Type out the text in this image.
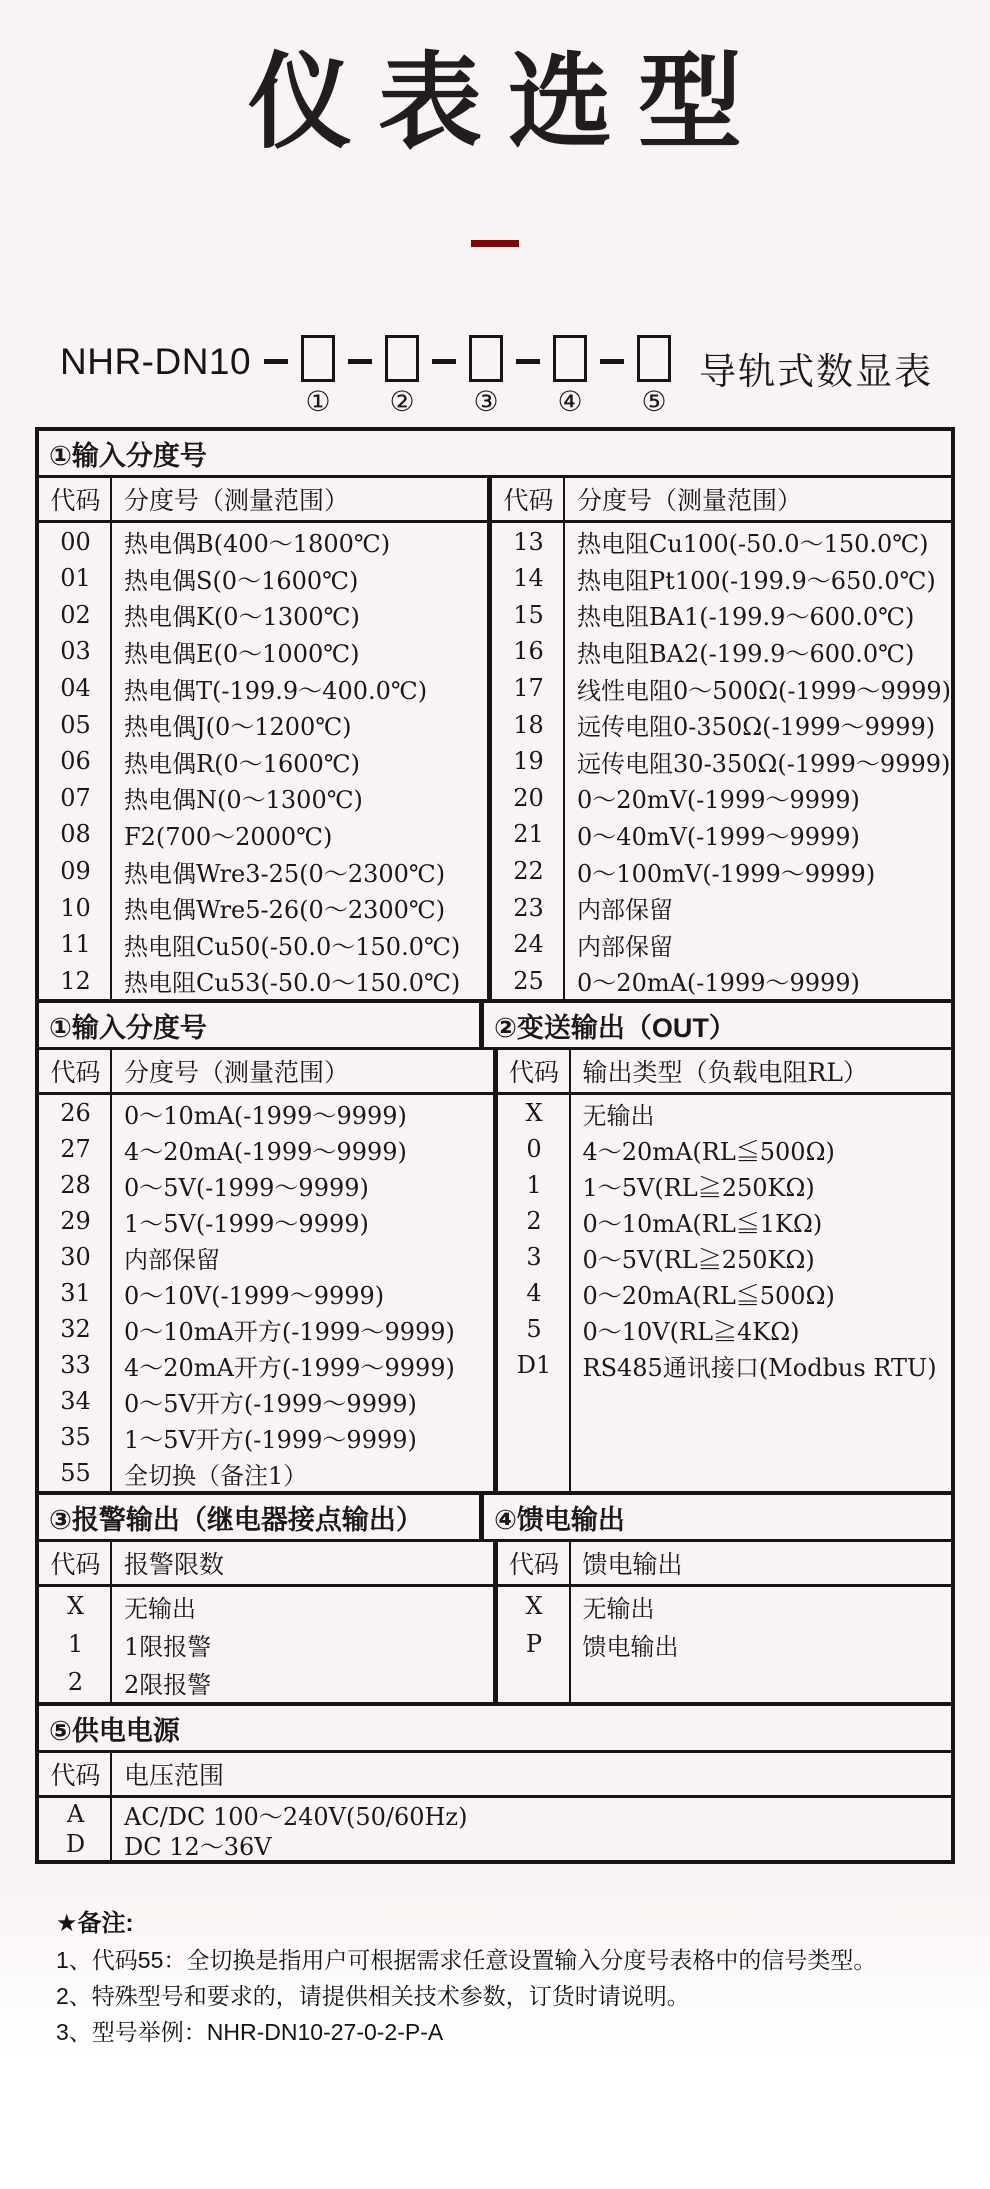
仪表选型
NHR-DN10
① ② ③ ④ ⑤
导轨式数显表
①输入分度号
代码 分度号（测量范围）
00	热电偶B(400～1800℃)
01	热电偶S(0～1600℃)
02	热电偶K(0～1300℃)
03	热电偶E(0～1000℃)
04	热电偶T(-199.9～400.0℃)
05	热电偶J(0～1200℃)
06	热电偶R(0～1600℃)
07	热电偶N(0～1300℃)
08	F2(700～2000℃)
09	热电偶Wre3-25(0～2300℃)
10	热电偶Wre5-26(0～2300℃)
11	热电阻Cu50(-50.0～150.0℃)
12	热电阻Cu53(-50.0～150.0℃)
代码 分度号（测量范围）
13	热电阻Cu100(-50.0～150.0℃)
14	热电阻Pt100(-199.9～650.0℃)
15	热电阻BA1(-199.9～600.0℃)
16	热电阻BA2(-199.9～600.0℃)
17	线性电阻0～500Ω(-1999～9999)
18	远传电阻0-350Ω(-1999～9999)
19	远传电阻30-350Ω(-1999～9999)
20	0～20mV(-1999～9999)
21	0～40mV(-1999～9999)
22	0～100mV(-1999～9999)
23	内部保留
24	内部保留
25	0～20mA(-1999～9999)
①输入分度号	②变送输出（OUT）
代码 分度号（测量范围）
26	0～10mA(-1999～9999)
27	4～20mA(-1999～9999)
28	0～5V(-1999～9999)
29	1～5V(-1999～9999)
30	内部保留
31	0～10V(-1999～9999)
32	0～10mA开方(-1999～9999)
33	4～20mA开方(-1999～9999)
34	0～5V开方(-1999～9999)
35	1～5V开方(-1999～9999)
55	全切换（备注1）
代码 输出类型（负载电阻RL）
X	无输出
0	4～20mA(RL≦500Ω)
1	1～5V(RL≧250KΩ)
2	0～10mA(RL≦1KΩ)
3	0～5V(RL≧250KΩ)
4	0～20mA(RL≦500Ω)
5	0～10V(RL≧4KΩ)
D1	RS485通讯接口(Modbus RTU)
③报警输出（继电器接点输出）	④馈电输出
代码 报警限数
X	无输出
1	1限报警
2	2限报警
代码 馈电输出
X	无输出
P	馈电输出
⑤供电电源
代码 电压范围
A	AC/DC 100～240V(50/60Hz)
D	DC 12～36V
★备注:
1、代码55：全切换是指用户可根据需求任意设置输入分度号表格中的信号类型。
2、特殊型号和要求的，请提供相关技术参数，订货时请说明。
3、型号举例：NHR-DN10-27-0-2-P-A
